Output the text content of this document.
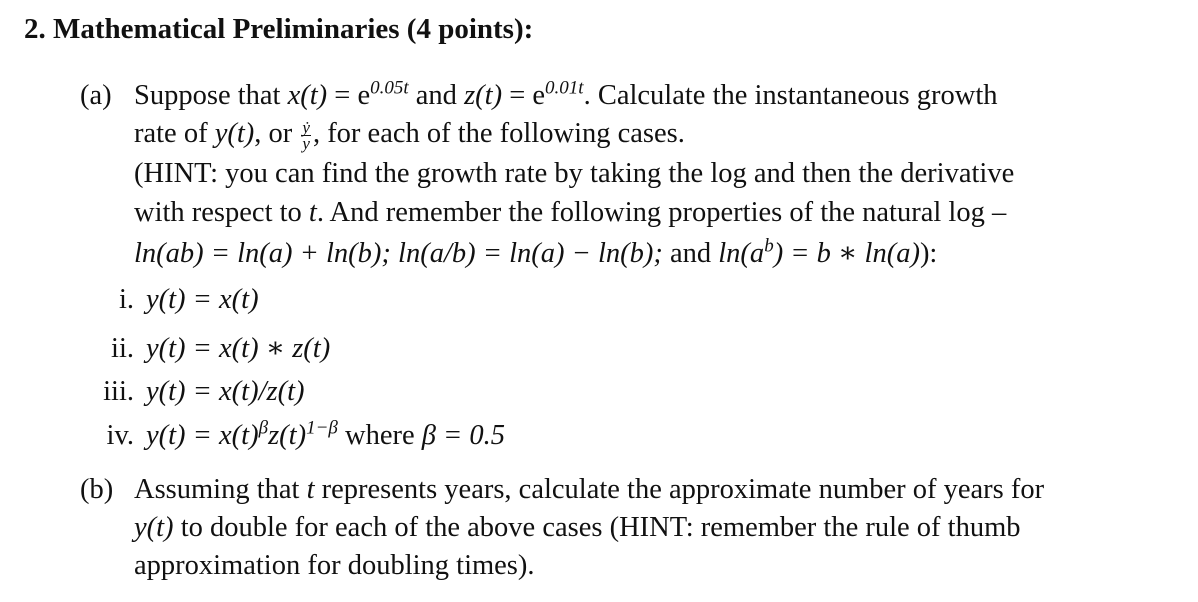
2. Mathematical Preliminaries (4 points):
(a) Suppose that $x(t) = e^{0.05t}$ and $z(t) = e^{0.01t}$. Calculate the instantaneous growth
rate of y(t), or $\frac{\text{ẏ}}{y}$ , for each of the following cases.
(HINT: you can find the growth rate by taking the log and then the derivative
with respect to t. And remember the following properties of the natural log –
ln(ab) = ln(a) + ln(b); ln(a/b) = ln(a) − ln(b); and $\ln(a^b) = b$ ∗ ln(a)):
i. y(t) = x(t)
ii. y(t) = x(t) ∗ z(t)
iii. y(t) = x(t)/z(t)
iv. $y(t) = x(t)^\beta z(t)^{1-\beta}$ where β = 0.5
(b) Assuming that t represents years, calculate the approximate number of years for
y(t) to double for each of the above cases (HINT: remember the rule of thumb
approximation for doubling times).
